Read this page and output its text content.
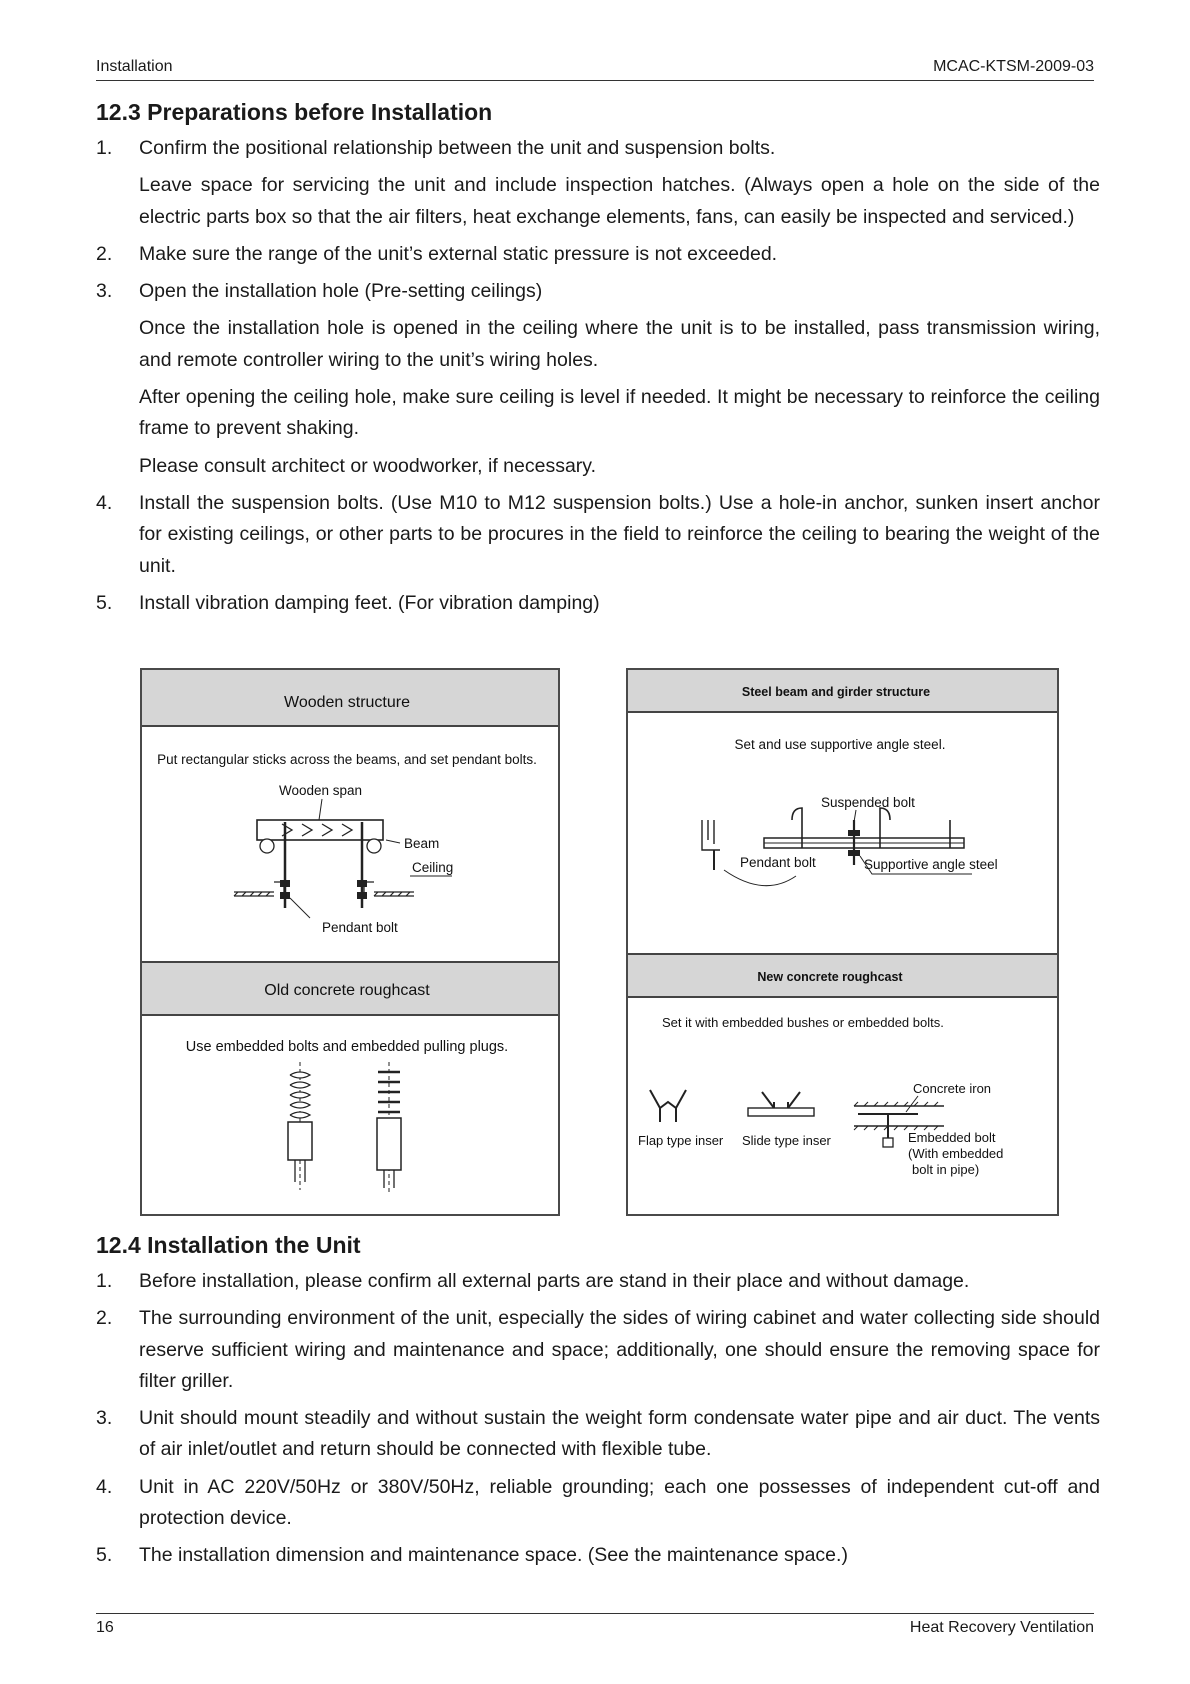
Installation	MCAC-KTSM-2009-03
12.3 Preparations before Installation
1. Confirm the positional relationship between the unit and suspension bolts.

Leave space for servicing the unit and include inspection hatches. (Always open a hole on the side of the electric parts box so that the air filters, heat exchange elements, fans, can easily be inspected and serviced.)

2. Make sure the range of the unit’s external static pressure is not exceeded.

3. Open the installation hole (Pre-setting ceilings)

Once the installation hole is opened in the ceiling where the unit is to be installed, pass transmission wiring, and remote controller wiring to the unit’s wiring holes.

After opening the ceiling hole, make sure ceiling is level if needed. It might be necessary to reinforce the ceiling frame to prevent shaking.

Please consult architect or woodworker, if necessary.

4. Install the suspension bolts. (Use M10 to M12 suspension bolts.) Use a hole-in anchor, sunken insert anchor for existing ceilings, or other parts to be procures in the field to reinforce the ceiling to bearing the weight of the unit.

5. Install vibration damping feet. (For vibration damping)

Wooden structure
Put rectangular sticks across the beams, and set pendant bolts.
Wooden span
Beam
Ceiling
Pendant bolt
Old concrete roughcast
Use embedded bolts and embedded pulling plugs.
Steel beam and girder structure
Set and use supportive angle steel.
Suspended bolt
Pendant bolt	Supportive angle steel
New concrete roughcast
Set it with embedded bushes or embedded bolts.
Flap type inser Slide type inser
Concrete iron
Embedded bolt
(With embedded
bolt in pipe)
12.4 Installation the Unit
1. Before installation, please confirm all external parts are stand in their place and without damage.

2. The surrounding environment of the unit, especially the sides of wiring cabinet and water collecting side should reserve sufficient wiring and maintenance and space; additionally, one should ensure the removing space for filter griller.

3. Unit should mount steadily and without sustain the weight form condensate water pipe and air duct. The vents of air inlet/outlet and return should be connected with flexible tube.

4. Unit in AC 220V/50Hz or 380V/50Hz, reliable grounding; each one possesses of independent cut-off and protection device.

5. The installation dimension and maintenance space. (See the maintenance space.)

16	Heat Recovery Ventilation
